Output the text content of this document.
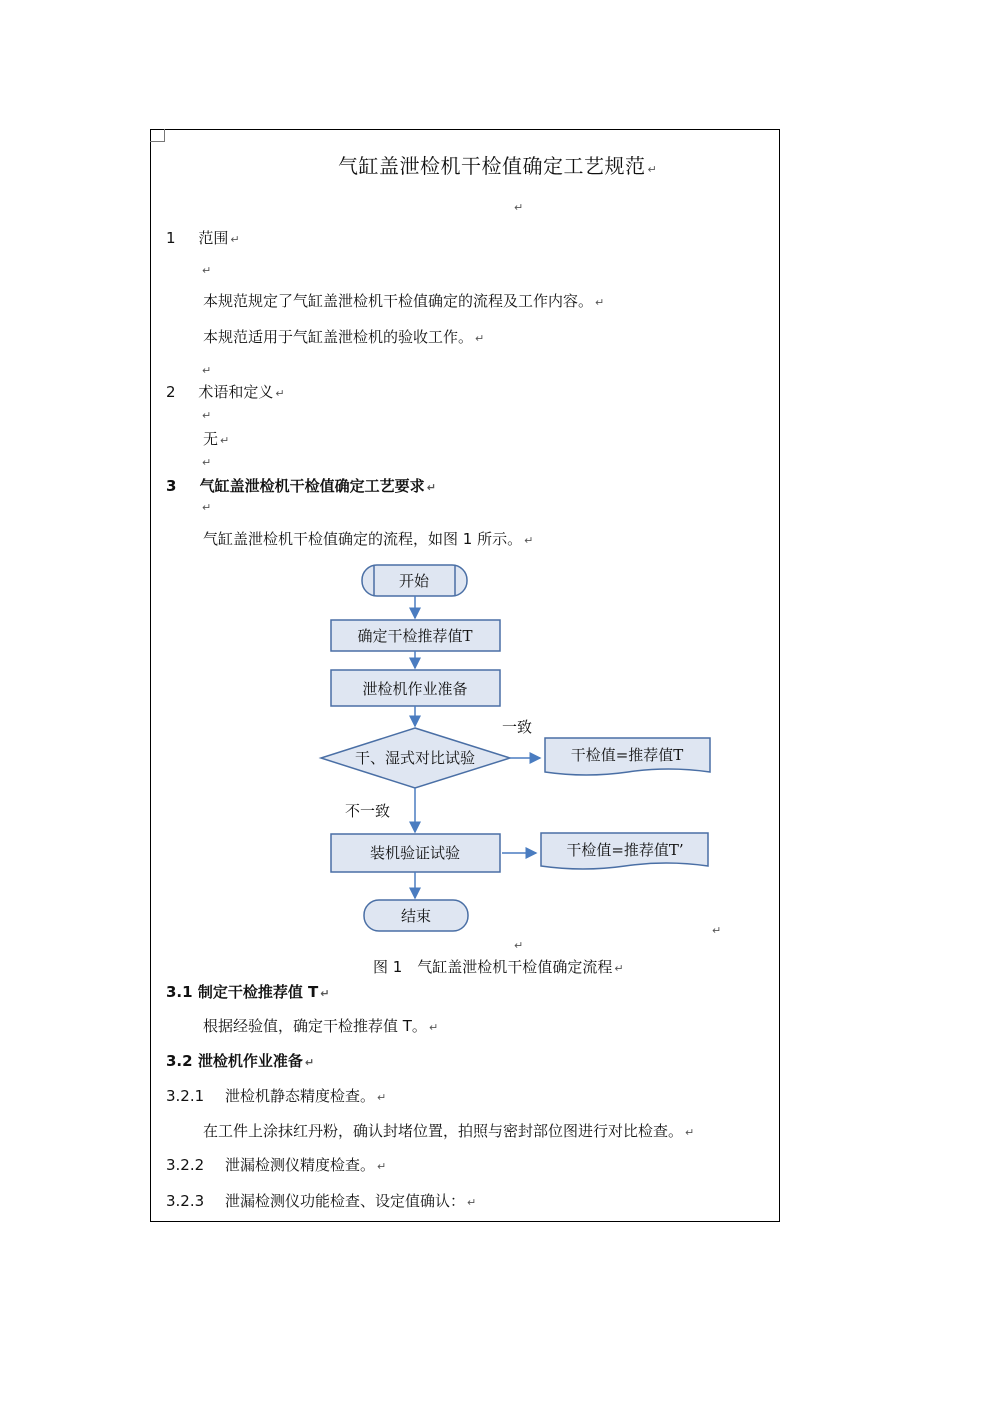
气缸盖泄检机干检值确定工艺规范 ↵
↵
1 范围 ↵
↵
本规范规定了气缸盖泄检机干检值确定的流程及工作内容。 ↵
本规范适用于气缸盖泄检机的验收工作。 ↵
↵
2 术语和定义 ↵
↵
无 ↵
↵
3 气缸盖泄检机干检值确定工艺要求 ↵
↵
气缸盖泄检机干检值确定的流程，如图 1 所示。 ↵
开始
确定干检推荐值T
泄检机作业准备
干、湿式对比试验
一致
干检值=推荐值T
不一致
装机验证试验	干检值=推荐值T’
结束
↵
↵
图 1　气缸盖泄检机干检值确定流程 ↵
3.1 制定干检推荐值 T ↵
根据经验值，确定干检推荐值 T。 ↵
3.2 泄检机作业准备 ↵
3.2.1 泄检机静态精度检查。 ↵
在工件上涂抹红丹粉，确认封堵位置，拍照与密封部位图进行对比检查。 ↵
3.2.2 泄漏检测仪精度检查。 ↵
3.2.3 泄漏检测仪功能检查、设定值确认： ↵
